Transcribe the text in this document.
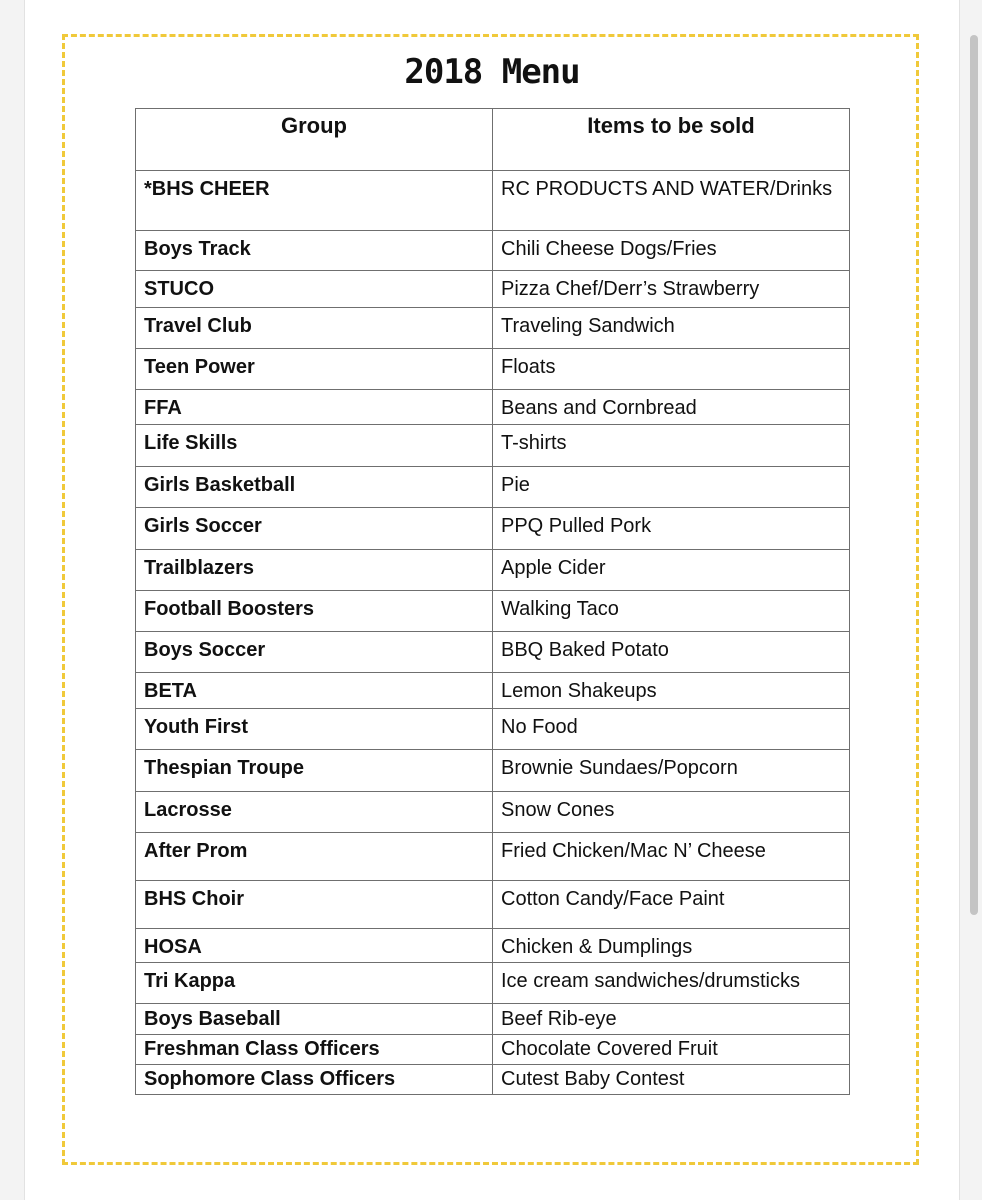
2018 Menu
Group	Items to be sold
*BHS CHEER	RC PRODUCTS AND WATER/Drinks
Boys Track	Chili Cheese Dogs/Fries
STUCO	Pizza Chef/Derr’s Strawberry
Travel Club	Traveling Sandwich
Teen Power	Floats
FFA	Beans and Cornbread
Life Skills	T-shirts
Girls Basketball	Pie
Girls Soccer	PPQ Pulled Pork
Trailblazers	Apple Cider
Football Boosters	Walking Taco
Boys Soccer	BBQ Baked Potato
BETA	Lemon Shakeups
Youth First	No Food
Thespian Troupe	Brownie Sundaes/Popcorn
Lacrosse	Snow Cones
After Prom	Fried Chicken/Mac N’ Cheese
BHS Choir	Cotton Candy/Face Paint
HOSA	Chicken & Dumplings
Tri Kappa	Ice cream sandwiches/drumsticks
Boys Baseball	Beef Rib-eye
Freshman Class Officers	Chocolate Covered Fruit
Sophomore Class Officers	Cutest Baby Contest
